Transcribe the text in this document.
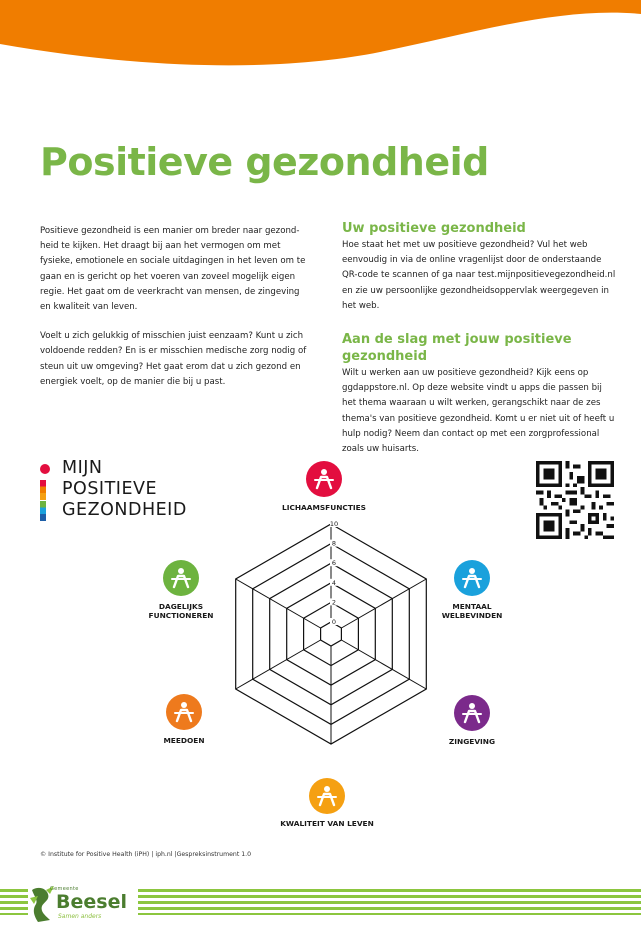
Positieve gezondheid

Positieve gezondheid is een manier om breder naar gezond-heid te kijken. Het draagt bij aan het vermogen om met fysieke, emotionele en sociale uitdagingen in het leven om te gaan en is gericht op het voeren van zoveel mogelijk eigen regie. Het gaat om de veerkracht van mensen, de zingeving en kwaliteit van leven.

Voelt u zich gelukkig of misschien juist eenzaam? Kunt u zich voldoende redden? En is er misschien medische zorg nodig of steun uit uw omgeving? Het gaat erom dat u zich gezond en energiek voelt, op de manier die bij u past.

Uw positieve gezondheid

Hoe staat het met uw positieve gezondheid? Vul het web eenvoudig in via de online vragenlijst door de onderstaande QR-code te scannen of ga naar test.mijnpositievegezondheid.nl en zie uw persoonlijke gezondheidsoppervlak weergegeven in het web.

Aan de slag met jouw positieve gezondheid

Wilt u werken aan uw positieve gezondheid? Kijk eens op ggdappstore.nl. Op deze website vindt u apps die passen bij het thema waaraan u wilt werken, gerangschikt naar de zes thema's van positieve gezondheid. Komt u er niet uit of heeft u hulp nodig? Neem dan contact op met een zorgprofessional zoals uw huisarts.

MIJN
POSITIEVE
GEZONDHEID
0
2
4
6
8
10
LICHAAMSFUNCTIES
MENTAAL
WELBEVINDEN
ZINGEVING
KWALITEIT VAN LEVEN
MEEDOEN
DAGELIJKS
FUNCTIONEREN
© Institute for Positive Health (iPH) | iph.nl |Gespreksinstrument 1.0
Gemeente
Beesel
Samen anders
